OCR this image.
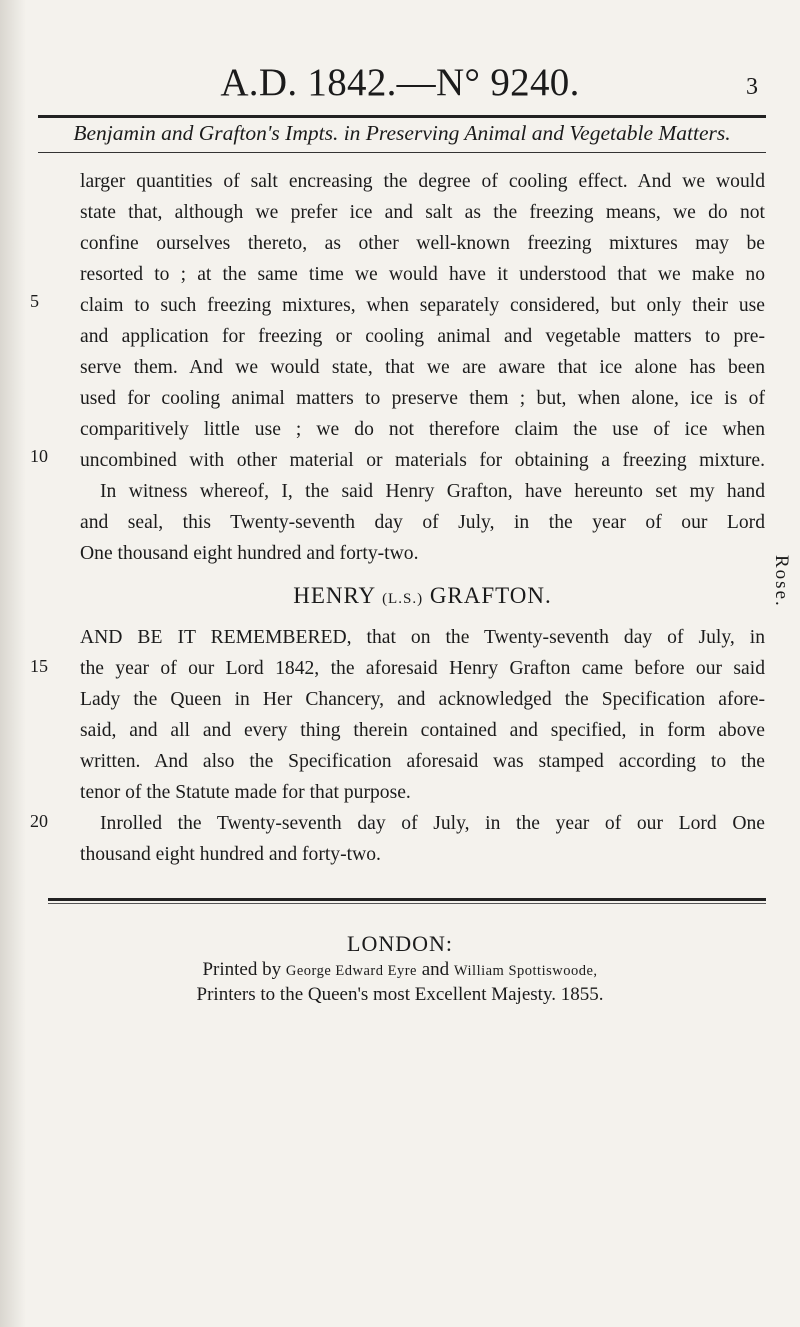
A.D. 1842.—N° 9240.	3
Benjamin and Grafton's Impts. in Preserving Animal and Vegetable Matters.
larger quantities of salt encreasing the degree of cooling effect. And we would
state that, although we prefer ice and salt as the freezing means, we do not
confine ourselves thereto, as other well-known freezing mixtures may be
resorted to ; at the same time we would have it understood that we make no
claim to such freezing mixtures, when separately considered, but only their use
and application for freezing or cooling animal and vegetable matters to pre-
serve them. And we would state, that we are aware that ice alone has been
used for cooling animal matters to preserve them ; but, when alone, ice is of
comparitively little use ; we do not therefore claim the use of ice when
uncombined with other material or materials for obtaining a freezing mixture.
In witness whereof, I, the said Henry Grafton, have hereunto set my hand
and seal, this Twenty-seventh day of July, in the year of our Lord
One thousand eight hundred and forty-two.
HENRY (L.S.) GRAFTON.
AND BE IT REMEMBERED, that on the Twenty-seventh day of July, in
the year of our Lord 1842, the aforesaid Henry Grafton came before our said
Lady the Queen in Her Chancery, and acknowledged the Specification afore-
said, and all and every thing therein contained and specified, in form above
written. And also the Specification aforesaid was stamped according to the
tenor of the Statute made for that purpose.
Inrolled the Twenty-seventh day of July, in the year of our Lord One
thousand eight hundred and forty-two.
5
10
15
20
Rose.
LONDON:
Printed by George Edward Eyre and William Spottiswoode,
Printers to the Queen's most Excellent Majesty. 1855.
